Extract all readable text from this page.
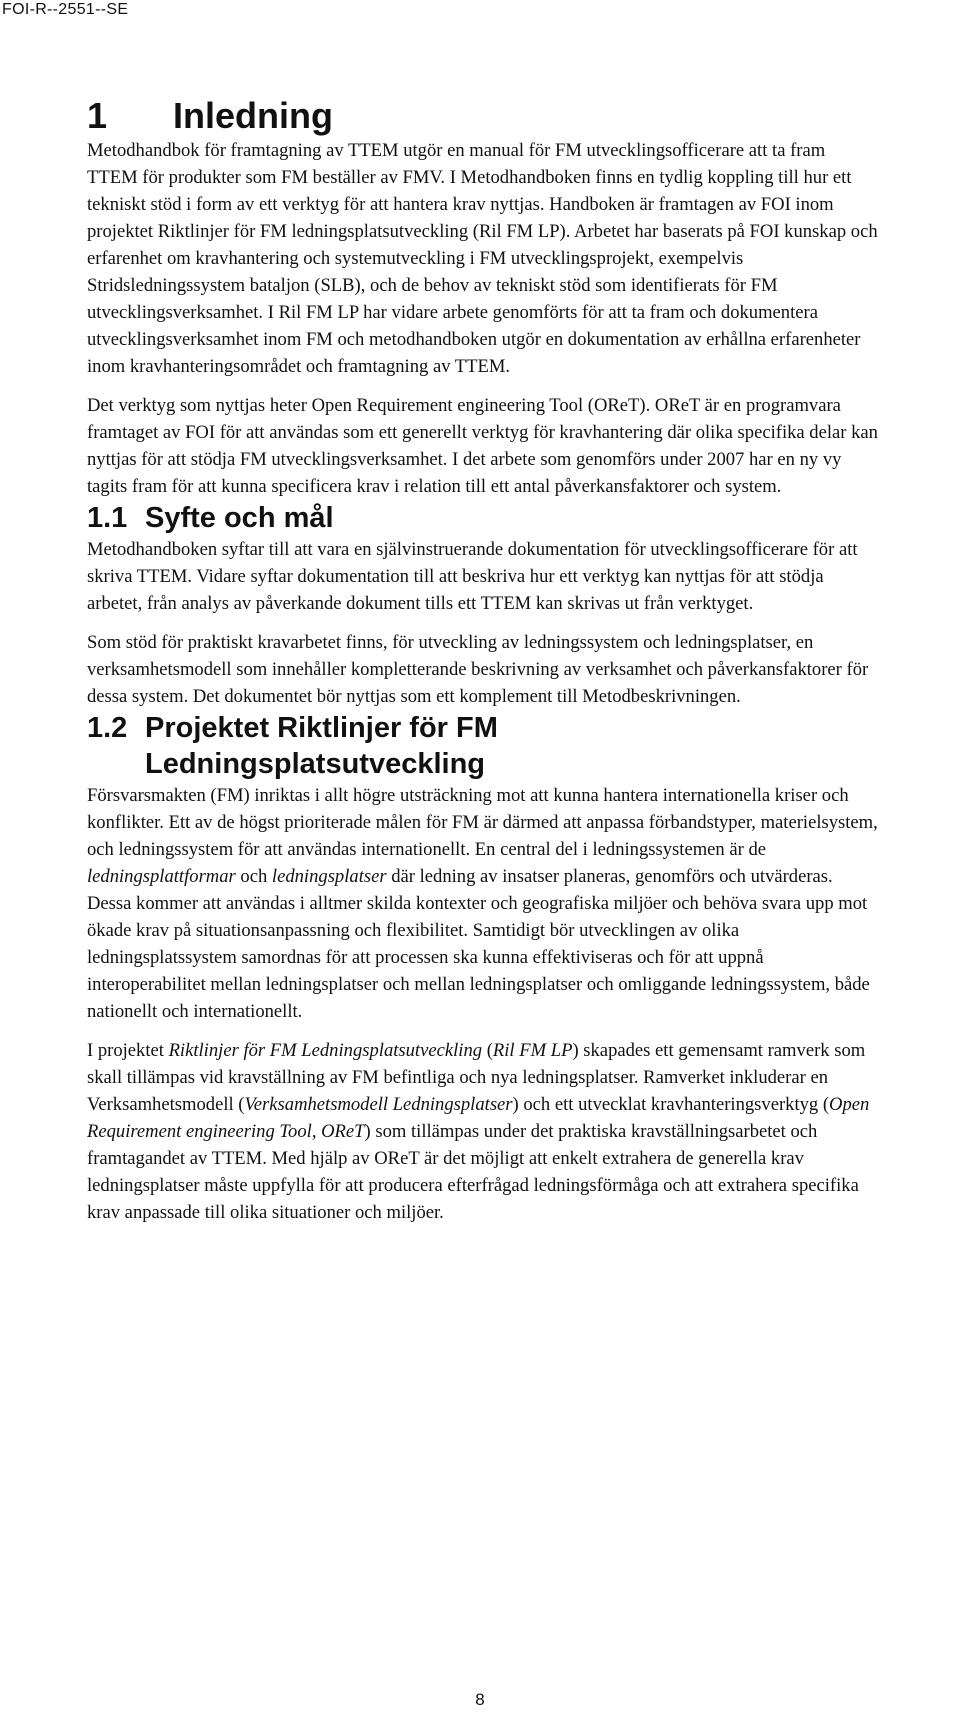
FOI-R--2551--SE
1	Inledning

Metodhandbok för framtagning av TTEM utgör en manual för FM utvecklingsofficerare att ta fram TTEM för produkter som FM beställer av FMV. I Metodhandboken finns en tydlig koppling till hur ett tekniskt stöd i form av ett verktyg för att hantera krav nyttjas. Handboken är framtagen av FOI inom projektet Riktlinjer för FM ledningsplatsutveckling (Ril FM LP). Arbetet har baserats på FOI kunskap och erfarenhet om kravhantering och systemutveckling i FM utvecklingsprojekt, exempelvis Stridsledningssystem bataljon (SLB), och de behov av tekniskt stöd som identifierats för FM utvecklingsverksamhet. I Ril FM LP har vidare arbete genomförts för att ta fram och dokumentera utvecklingsverksamhet inom FM och metodhandboken utgör en dokumentation av erhållna erfarenheter inom kravhanteringsområdet och framtagning av TTEM.

Det verktyg som nyttjas heter Open Requirement engineering Tool (OReT). OReT är en programvara framtaget av FOI för att användas som ett generellt verktyg för kravhantering där olika specifika delar kan nyttjas för att stödja FM utvecklingsverksamhet. I det arbete som genomförs under 2007 har en ny vy tagits fram för att kunna specificera krav i relation till ett antal påverkansfaktorer och system.

1.1 Syfte och mål

Metodhandboken syftar till att vara en självinstruerande dokumentation för utvecklingsofficerare för att skriva TTEM. Vidare syftar dokumentation till att beskriva hur ett verktyg kan nyttjas för att stödja arbetet, från analys av påverkande dokument tills ett TTEM kan skrivas ut från verktyget.

Som stöd för praktiskt kravarbetet finns, för utveckling av ledningssystem och ledningsplatser, en verksamhetsmodell som innehåller kompletterande beskrivning av verksamhet och påverkansfaktorer för dessa system. Det dokumentet bör nyttjas som ett komplement till Metodbeskrivningen.

1.2 Projektet Riktlinjer för FM
Ledningsplatsutveckling

Försvarsmakten (FM) inriktas i allt högre utsträckning mot att kunna hantera internationella kriser och konflikter. Ett av de högst prioriterade målen för FM är därmed att anpassa förbandstyper, materielsystem, och ledningssystem för att användas internationellt. En central del i ledningssystemen är de ledningsplattformar och ledningsplatser där ledning av insatser planeras, genomförs och utvärderas. Dessa kommer att användas i alltmer skilda kontexter och geografiska miljöer och behöva svara upp mot ökade krav på situationsanpassning och flexibilitet. Samtidigt bör utvecklingen av olika ledningsplatssystem samordnas för att processen ska kunna effektiviseras och för att uppnå interoperabilitet mellan ledningsplatser och mellan ledningsplatser och omliggande ledningssystem, både nationellt och internationellt.

I projektet Riktlinjer för FM Ledningsplatsutveckling (Ril FM LP) skapades ett gemensamt ramverk som skall tillämpas vid kravställning av FM befintliga och nya ledningsplatser. Ramverket inkluderar en Verksamhetsmodell (Verksamhetsmodell Ledningsplatser) och ett utvecklat kravhanteringsverktyg (Open Requirement engineering Tool, OReT) som tillämpas under det praktiska kravställningsarbetet och framtagandet av TTEM. Med hjälp av OReT är det möjligt att enkelt extrahera de generella krav ledningsplatser måste uppfylla för att producera efterfrågad ledningsförmåga och att extrahera specifika krav anpassade till olika situationer och miljöer.

8
